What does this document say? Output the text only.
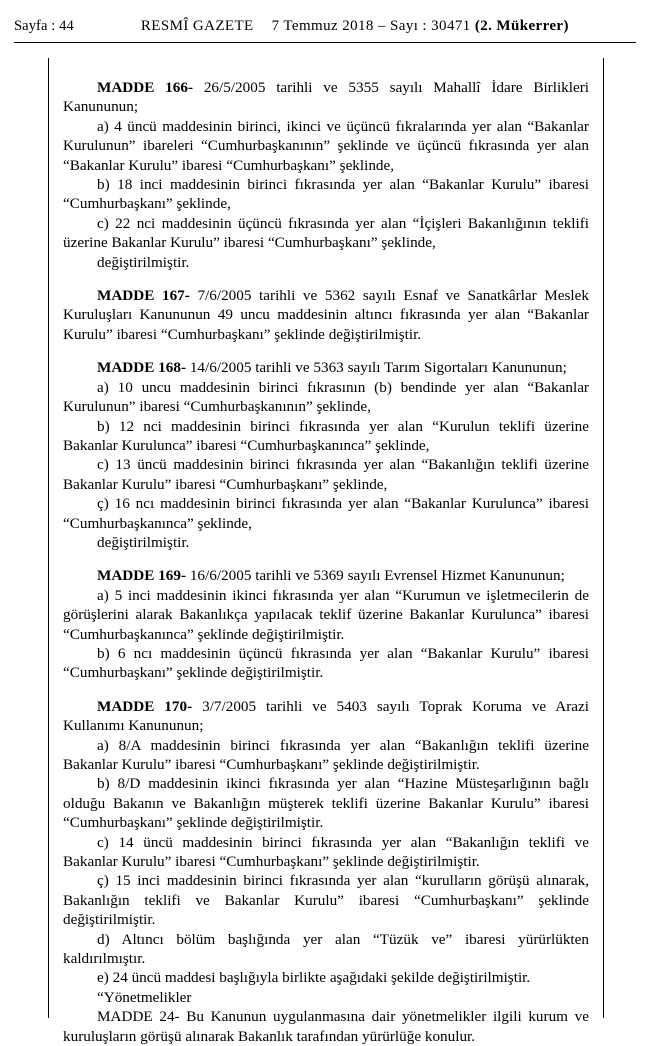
Sayfa : 44	RESMÎ GAZETE 7 Temmuz 2018 – Sayı : 30471 (2. Mükerrer)

MADDE 166- 26/5/2005 tarihli ve 5355 sayılı Mahallî İdare Birlikleri Kanununun;

a) 4 üncü maddesinin birinci, ikinci ve üçüncü fıkralarında yer alan “Bakanlar Kurulunun” ibareleri “Cumhurbaşkanının” şeklinde ve üçüncü fıkrasında yer alan “Bakanlar Kurulu” ibaresi “Cumhurbaşkanı” şeklinde,

b) 18 inci maddesinin birinci fıkrasında yer alan “Bakanlar Kurulu” ibaresi “Cumhurbaşkanı” şeklinde,

c) 22 nci maddesinin üçüncü fıkrasında yer alan “İçişleri Bakanlığının teklifi üzerine Bakanlar Kurulu” ibaresi “Cumhurbaşkanı” şeklinde,

değiştirilmiştir.

MADDE 167- 7/6/2005 tarihli ve 5362 sayılı Esnaf ve Sanatkârlar Meslek Kuruluşları Kanununun 49 uncu maddesinin altıncı fıkrasında yer alan “Bakanlar Kurulu” ibaresi “Cumhurbaşkanı” şeklinde değiştirilmiştir.

MADDE 168- 14/6/2005 tarihli ve 5363 sayılı Tarım Sigortaları Kanununun;

a) 10 uncu maddesinin birinci fıkrasının (b) bendinde yer alan “Bakanlar Kurulunun” ibaresi “Cumhurbaşkanının” şeklinde,

b) 12 nci maddesinin birinci fıkrasında yer alan “Kurulun teklifi üzerine Bakanlar Kurulunca” ibaresi “Cumhurbaşkanınca” şeklinde,

c) 13 üncü maddesinin birinci fıkrasında yer alan “Bakanlığın teklifi üzerine Bakanlar Kurulu” ibaresi “Cumhurbaşkanı” şeklinde,

ç) 16 ncı maddesinin birinci fıkrasında yer alan “Bakanlar Kurulunca” ibaresi “Cumhurbaşkanınca” şeklinde,

değiştirilmiştir.

MADDE 169- 16/6/2005 tarihli ve 5369 sayılı Evrensel Hizmet Kanununun;

a) 5 inci maddesinin ikinci fıkrasında yer alan “Kurumun ve işletmecilerin de görüşlerini alarak Bakanlıkça yapılacak teklif üzerine Bakanlar Kurulunca” ibaresi “Cumhurbaşkanınca” şeklinde değiştirilmiştir.

b) 6 ncı maddesinin üçüncü fıkrasında yer alan “Bakanlar Kurulu” ibaresi “Cumhurbaşkanı” şeklinde değiştirilmiştir.

MADDE 170- 3/7/2005 tarihli ve 5403 sayılı Toprak Koruma ve Arazi Kullanımı Kanununun;

a) 8/A maddesinin birinci fıkrasında yer alan “Bakanlığın teklifi üzerine Bakanlar Kurulu” ibaresi “Cumhurbaşkanı” şeklinde değiştirilmiştir.

b) 8/D maddesinin ikinci fıkrasında yer alan “Hazine Müsteşarlığının bağlı olduğu Bakanın ve Bakanlığın müşterek teklifi üzerine Bakanlar Kurulu” ibaresi “Cumhurbaşkanı” şeklinde değiştirilmiştir.

c) 14 üncü maddesinin birinci fıkrasında yer alan “Bakanlığın teklifi ve Bakanlar Kurulu” ibaresi “Cumhurbaşkanı” şeklinde değiştirilmiştir.

ç) 15 inci maddesinin birinci fıkrasında yer alan “kurulların görüşü alınarak, Bakanlığın teklifi ve Bakanlar Kurulu” ibaresi “Cumhurbaşkanı” şeklinde değiştirilmiştir.

d) Altıncı bölüm başlığında yer alan “Tüzük ve” ibaresi yürürlükten kaldırılmıştır.

e) 24 üncü maddesi başlığıyla birlikte aşağıdaki şekilde değiştirilmiştir.

“Yönetmelikler

MADDE 24- Bu Kanunun uygulanmasına dair yönetmelikler ilgili kurum ve kuruluşların görüşü alınarak Bakanlık tarafından yürürlüğe konulur.
